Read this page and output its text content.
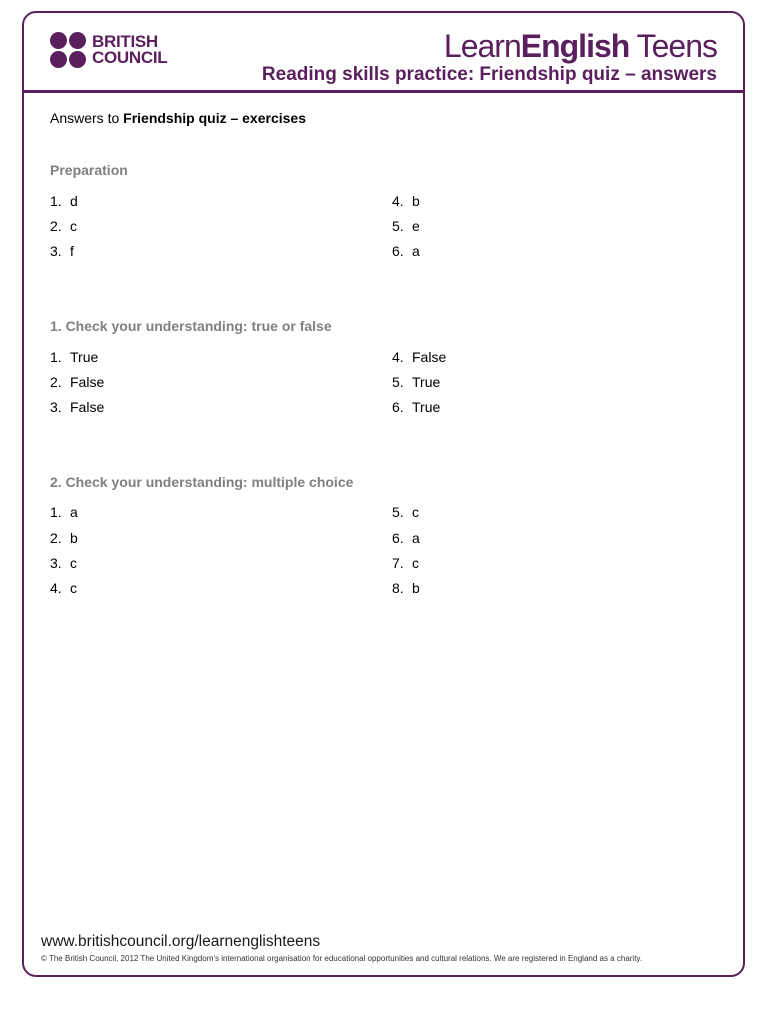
BRITISH
COUNCIL	LearnEnglish Teens
Reading skills practice: Friendship quiz – answers
Answers to Friendship quiz – exercises
Preparation
1. d
2. c
3. f
4. b
5. e
6. a
1. Check your understanding: true or false
1. True
2. False
3. False
4. False
5. True
6. True
2. Check your understanding: multiple choice
1. a
2. b
3. c
4. c
5. c
6. a
7. c
8. b
www.britishcouncil.org/learnenglishteens
© The British Council, 2012 The United Kingdom’s international organisation for educational opportunities and cultural relations. We are registered in England as a charity.
